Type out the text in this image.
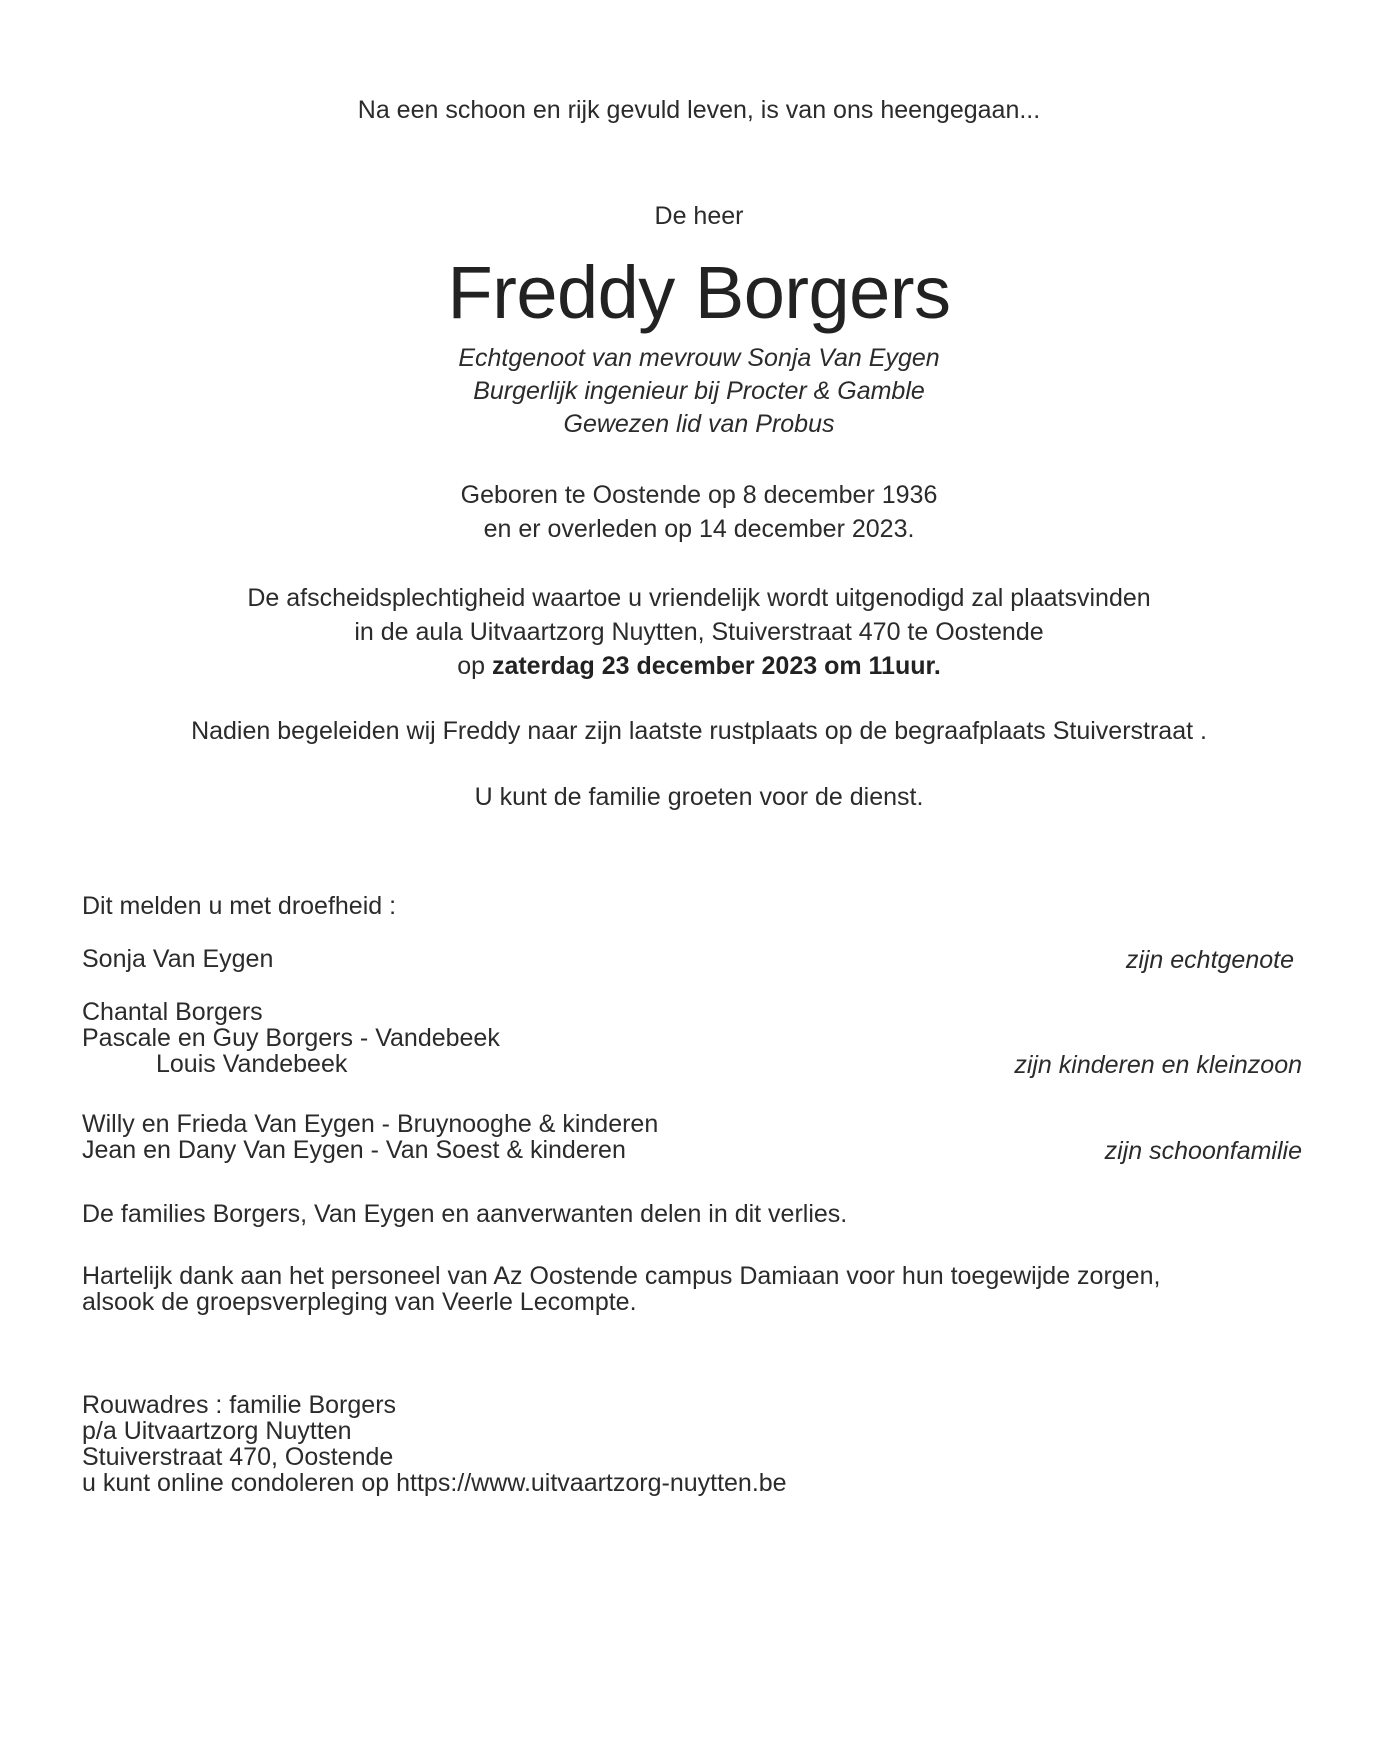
Na een schoon en rijk gevuld leven, is van ons heengegaan...
De heer
Freddy Borgers
Echtgenoot van mevrouw Sonja Van Eygen
Burgerlijk ingenieur bij Procter & Gamble
Gewezen lid van Probus
Geboren te Oostende op 8 december 1936
en er overleden op 14 december 2023.
De afscheidsplechtigheid waartoe u vriendelijk wordt uitgenodigd zal plaatsvinden
in de aula Uitvaartzorg Nuytten, Stuiverstraat 470 te Oostende
op zaterdag 23 december 2023 om 11uur.
Nadien begeleiden wij Freddy naar zijn laatste rustplaats op de begraafplaats Stuiverstraat .
U kunt de familie groeten voor de dienst.
Dit melden u met droefheid :
Sonja Van Eygen	zijn echtgenote
Chantal Borgers
Pascale en Guy Borgers - Vandebeek
Louis Vandebeek	zijn kinderen en kleinzoon
Willy en Frieda Van Eygen - Bruynooghe & kinderen
Jean en Dany Van Eygen - Van Soest & kinderen	zijn schoonfamilie
De families Borgers, Van Eygen en aanverwanten delen in dit verlies.
Hartelijk dank aan het personeel van Az Oostende campus Damiaan voor hun toegewijde zorgen,
alsook de groepsverpleging van Veerle Lecompte.
Rouwadres : familie Borgers
p/a Uitvaartzorg Nuytten
Stuiverstraat 470, Oostende
u kunt online condoleren op https://www.uitvaartzorg-nuytten.be
